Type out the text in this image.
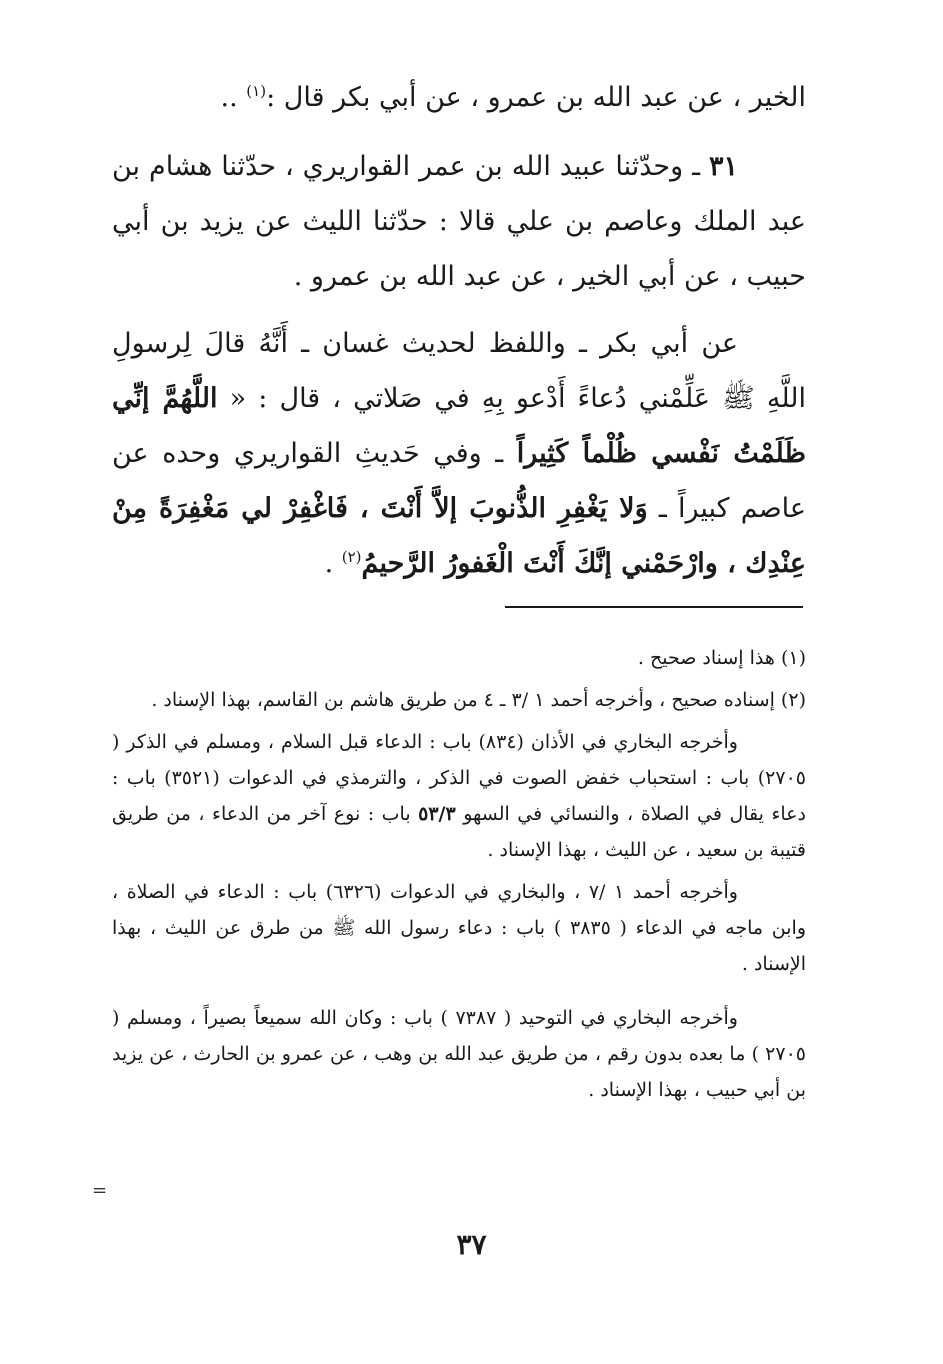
الخير ، عن عبد الله بن عمرو ، عن أبي بكر قال :$^{(١)}$ ..

٣١ ـ وحدّثنا عبيد الله بن عمر القواريري ، حدّثنا هشام بن عبد الملك وعاصم بن علي قالا : حدّثنا الليث عن يزيد بن أبي حبيب ، عن أبي الخير ، عن عبد الله بن عمرو .

عن أبي بكر ـ واللفظ لحديث غسان ـ أَنَّهُ قالَ لِرسولِ اللَّهِ ﷺ عَلِّمْني دُعاءً أَدْعو بِهِ في صَلاتي ، قال : « اللَّهُمَّ إنِّي ظَلَمْتُ نَفْسي ظُلْماً كَثِيراً ـ وفي حَديثِ القواريري وحده عن عاصم كبيراً ـ وَلا يَغْفِرِ الذُّنوبَ إلاَّ أَنْتَ ، فَاغْفِرْ لي مَغْفِرَةً مِنْ عِنْدِك ، وارْحَمْني إنَّكَ أَنْتَ الْغَفورُ الرَّحيمُ$^{(٢)}$ .

(١) هذا إسناد صحيح .

(٢) إسناده صحيح ، وأخرجه أحمد ١ /٣ ـ ٤ من طريق هاشم بن القاسم، بهذا الإسناد .

وأخرجه البخاري في الأذان (٨٣٤) باب : الدعاء قبل السلام ، ومسلم في الذكر ( ٢٧٠٥) باب : استحباب خفض الصوت في الذكر ، والترمذي في الدعوات (٣٥٢١) باب : دعاء يقال في الصلاة ، والنسائي في السهو ٥٣/٣ باب : نوع آخر من الدعاء ، من طريق قتيبة بن سعيد ، عن الليث ، بهذا الإسناد .

وأخرجه أحمد ١ /٧ ، والبخاري في الدعوات (٦٣٢٦) باب : الدعاء في الصلاة ، وابن ماجه في الدعاء ( ٣٨٣٥ ) باب : دعاء رسول الله ﷺ من طرق عن الليث ، بهذا الإسناد .

وأخرجه البخاري في التوحيد ( ٧٣٨٧ ) باب : وكان الله سميعاً بصيراً ، ومسلم ( ٢٧٠٥ ) ما بعده بدون رقم ، من طريق عبد الله بن وهب ، عن عمرو بن الحارث ، عن يزيد بن أبي حبيب ، بهذا الإسناد .

=
٣٧
